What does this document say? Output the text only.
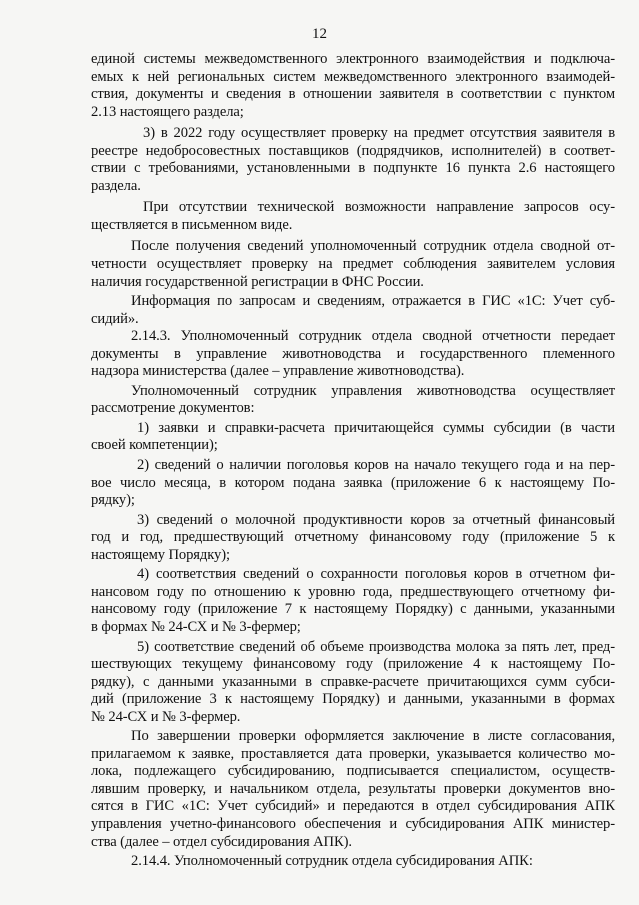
12

единой системы межведомственного электронного взаимодействия и подключа-
емых к ней региональных систем межведомственного электронного взаимодей-
ствия, документы и сведения в отношении заявителя в соответствии с пунктом
2.13 настоящего раздела;

3) в 2022 году осуществляет проверку на предмет отсутствия заявителя в
реестре недобросовестных поставщиков (подрядчиков, исполнителей) в соответ-
ствии с требованиями, установленными в подпункте 16 пункта 2.6 настоящего
раздела.

При отсутствии технической возможности направление запросов осу-
ществляется в письменном виде.

После получения сведений уполномоченный сотрудник отдела сводной от-
четности осуществляет проверку на предмет соблюдения заявителем условия
наличия государственной регистрации в ФНС России.

Информация по запросам и сведениям, отражается в ГИС «1С: Учет суб-
сидий».

2.14.3. Уполномоченный сотрудник отдела сводной отчетности передает
документы в управление животноводства и государственного племенного
надзора министерства (далее – управление животноводства).

Уполномоченный сотрудник управления животноводства осуществляет
рассмотрение документов:

1) заявки и справки-расчета причитающейся суммы субсидии (в части
своей компетенции);

2) сведений о наличии поголовья коров на начало текущего года и на пер-
вое число месяца, в котором подана заявка (приложение 6 к настоящему По-
рядку);

3) сведений о молочной продуктивности коров за отчетный финансовый
год и год, предшествующий отчетному финансовому году (приложение 5 к
настоящему Порядку);

4) соответствия сведений о сохранности поголовья коров в отчетном фи-
нансовом году по отношению к уровню года, предшествующего отчетному фи-
нансовому году (приложение 7 к настоящему Порядку) с данными, указанными
в формах № 24-СХ и № 3-фермер;

5) соответствие сведений об объеме производства молока за пять лет, пред-
шествующих текущему финансовому году (приложение 4 к настоящему По-
рядку), с данными указанными в справке-расчете причитающихся сумм субси-
дий (приложение 3 к настоящему Порядку) и данными, указанными в формах
№ 24-СХ и № 3-фермер.

По завершении проверки оформляется заключение в листе согласования,
прилагаемом к заявке, проставляется дата проверки, указывается количество мо-
лока, подлежащего субсидированию, подписывается специалистом, осуществ-
лявшим проверку, и начальником отдела, результаты проверки документов вно-
сятся в ГИС «1С: Учет субсидий» и передаются в отдел субсидирования АПК
управления учетно-финансового обеспечения и субсидирования АПК министер-
ства (далее – отдел субсидирования АПК).

2.14.4. Уполномоченный сотрудник отдела субсидирования АПК:
